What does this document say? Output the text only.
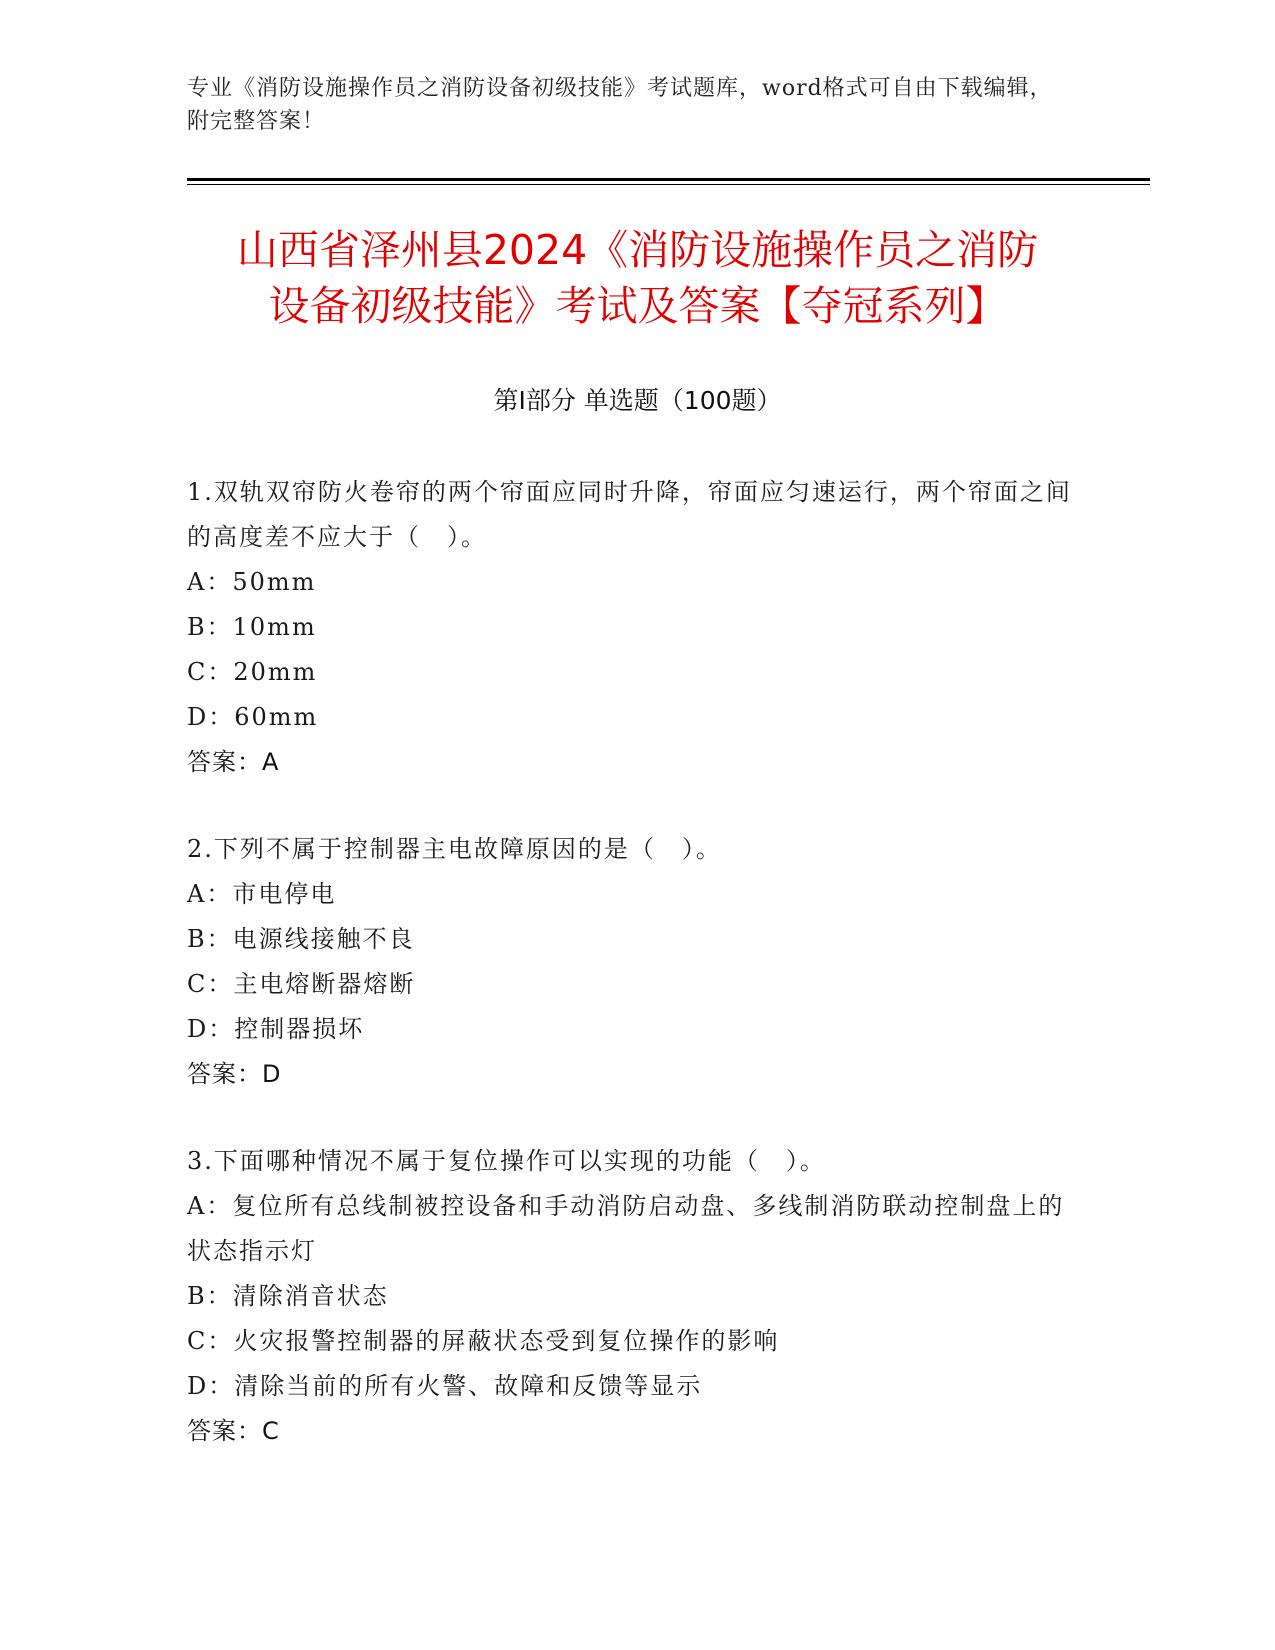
专业《消防设施操作员之消防设备初级技能》考试题库，word格式可自由下载编辑，附完整答案！
山西省泽州县2024《消防设施操作员之消防
设备初级技能》考试及答案【夺冠系列】
第Ⅰ部分 单选题（100题）
1.双轨双帘防火卷帘的两个帘面应同时升降，帘面应匀速运行，两个帘面之间的高度差不应大于（　）。
A：50mm
B：10mm
C：20mm
D：60mm
答案：A
2.下列不属于控制器主电故障原因的是（　）。
A：市电停电
B：电源线接触不良
C：主电熔断器熔断
D：控制器损坏
答案：D
3.下面哪种情况不属于复位操作可以实现的功能（　）。
A：复位所有总线制被控设备和手动消防启动盘、多线制消防联动控制盘上的状态指示灯
B：清除消音状态
C：火灾报警控制器的屏蔽状态受到复位操作的影响
D：清除当前的所有火警、故障和反馈等显示
答案：C
